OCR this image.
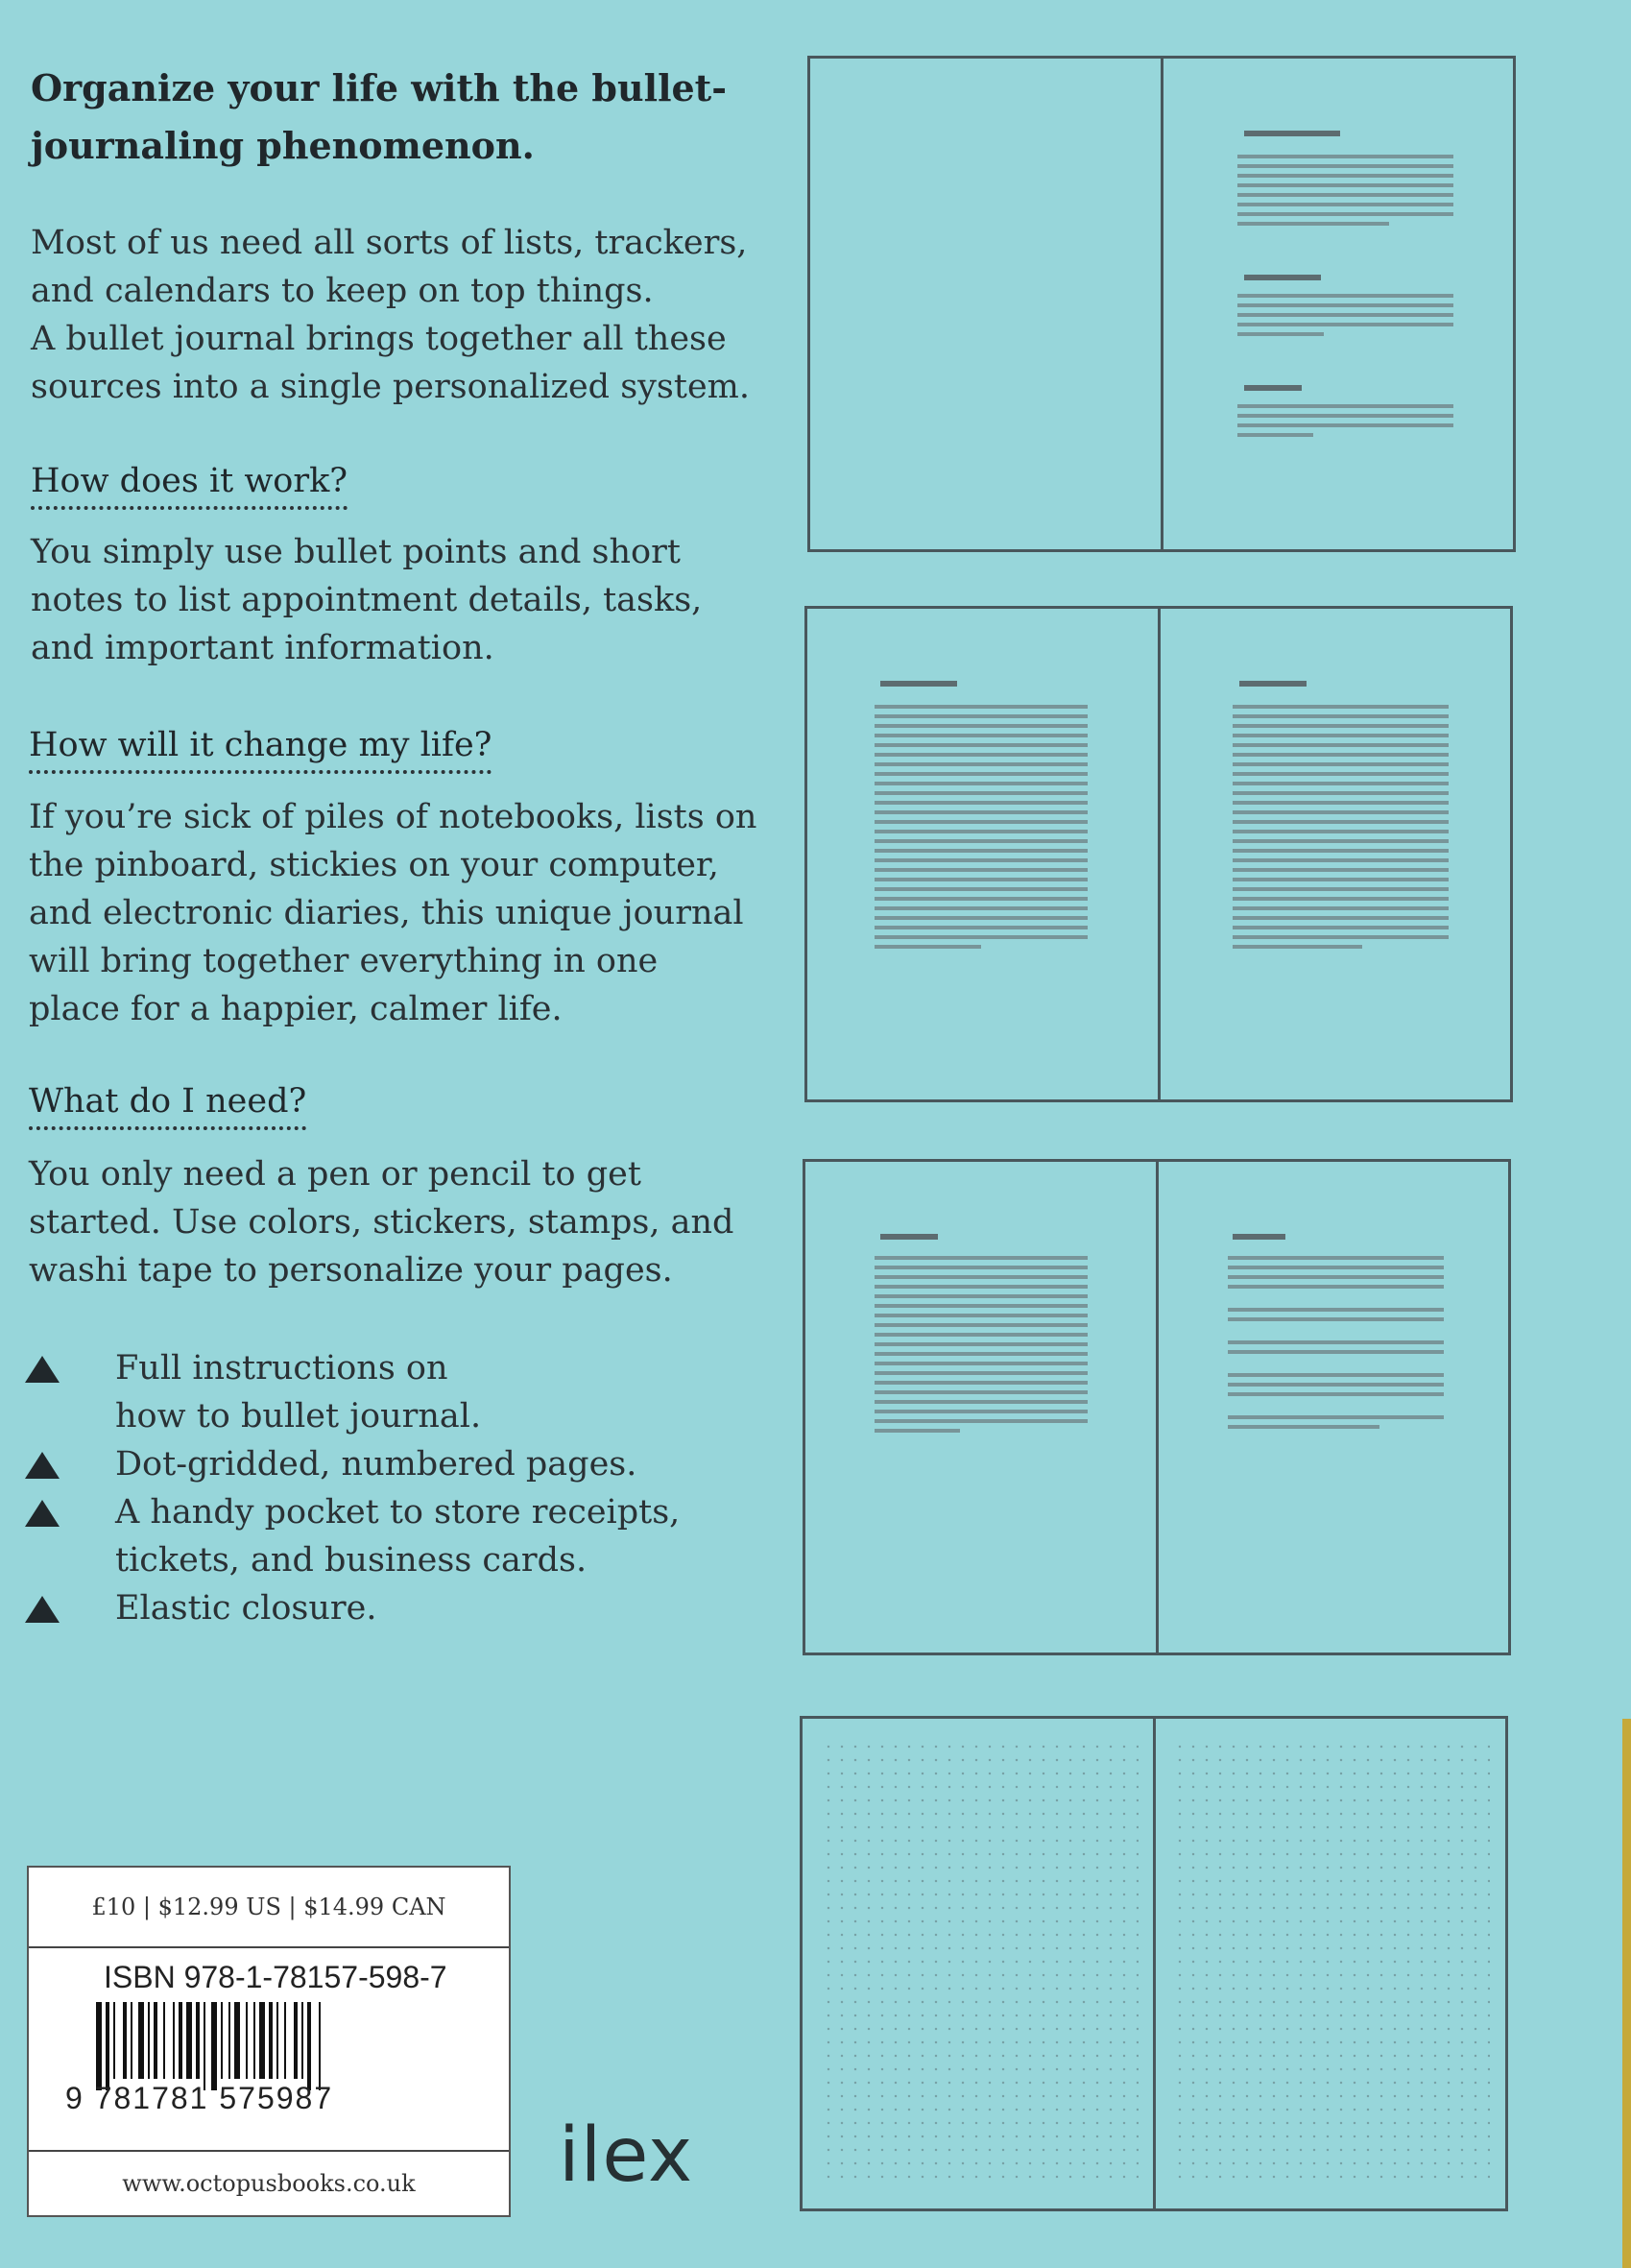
Organize your life with the bullet-
journaling phenomenon.

Most of us need all sorts of lists, trackers,
and calendars to keep on top things.
A bullet journal brings together all these
sources into a single personalized system.

How does it work?

You simply use bullet points and short
notes to list appointment details, tasks,
and important information.

How will it change my life?

If you’re sick of piles of notebooks, lists on
the pinboard, stickies on your computer,
and electronic diaries, this unique journal
will bring together everything in one
place for a happier, calmer life.

What do I need?

You only need a pen or pencil to get
started. Use colors, stickers, stamps, and
washi tape to personalize your pages.

Full instructions on
how to bullet journal.
Dot-gridded, numbered pages.
A handy pocket to store receipts,
tickets, and business cards.
Elastic closure.
£10 | $12.99 US | $14.99 CAN
ISBN 978-1-78157-598-7
9 781781 575987
www.octopusbooks.co.uk	ilex
